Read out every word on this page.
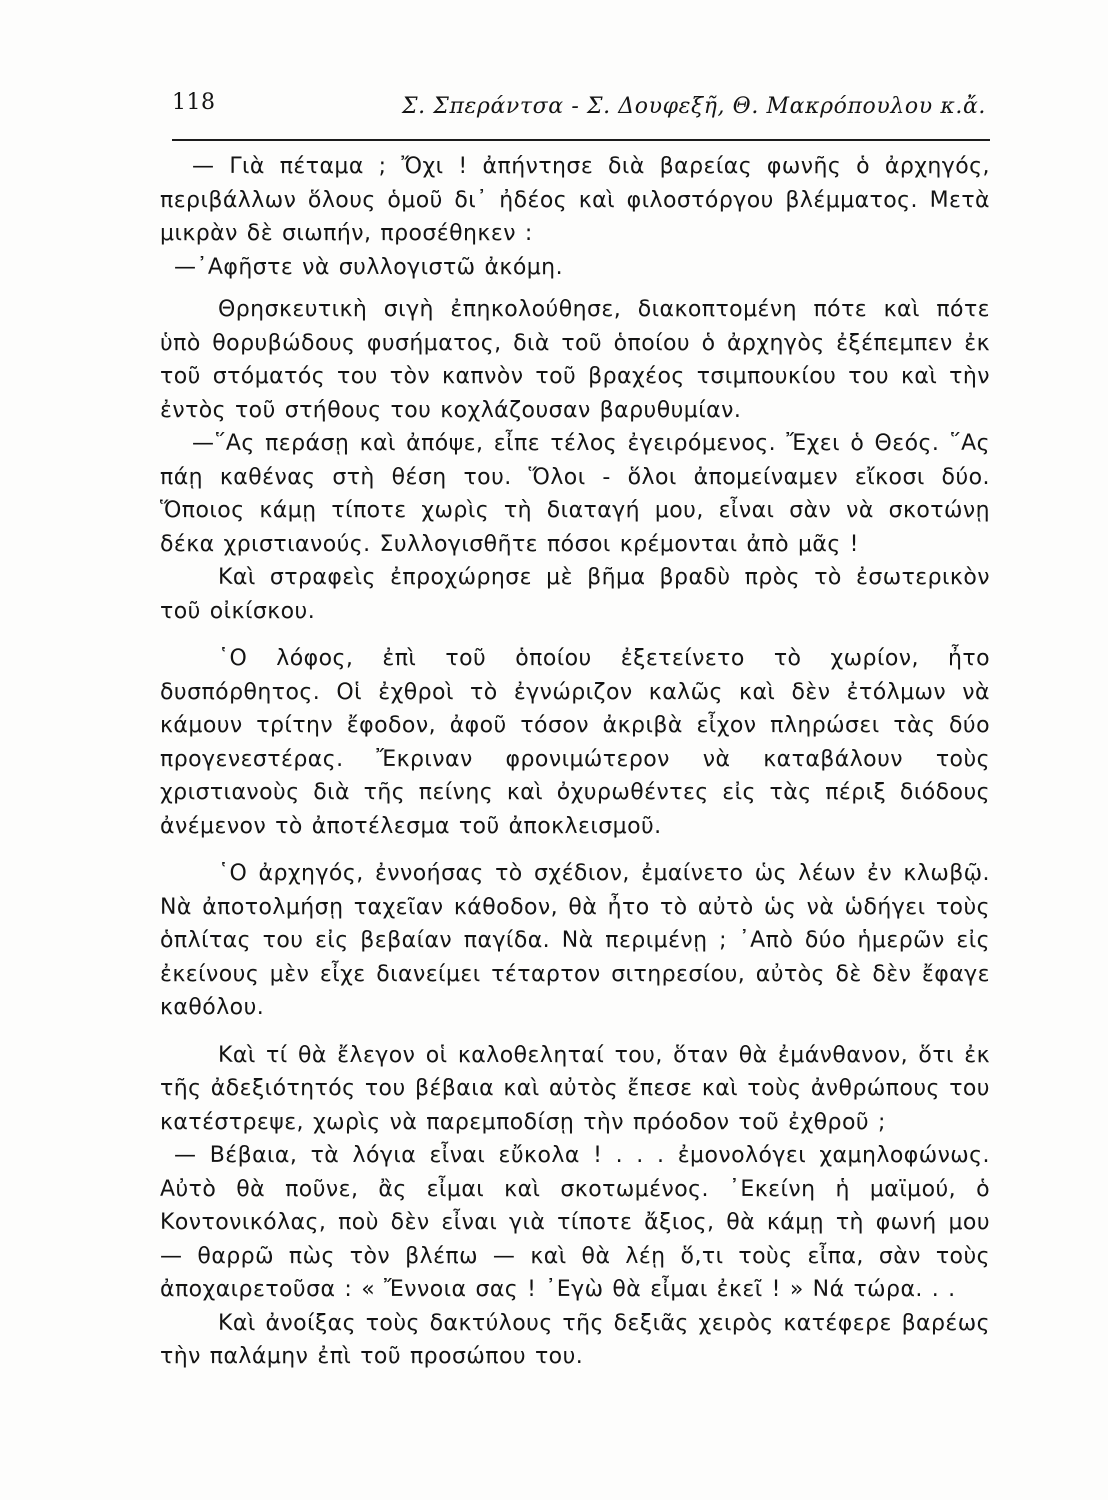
118	Σ. Σπεράντσα - Σ. Δουφεξῆ, Θ. Μακρόπουλου κ.ἄ.

— Γιὰ πέταμα ; Ὄχι ! ἀπήντησε διὰ βαρείας φωνῆς ὁ ἀρχηγός, περιβάλλων ὅλους ὁμοῦ δι᾽ ἠδέος καὶ φιλοστόργου βλέμματος. Μετὰ μικρὰν δὲ σιωπήν, προσέθηκεν :

—᾽Αφῆστε νὰ συλλογιστῶ ἀκόμη.

Θρησκευτικὴ σιγὴ ἐπηκολούθησε, διακοπτομένη πότε καὶ πότε ὑπὸ θορυβώδους φυσήματος, διὰ τοῦ ὁποίου ὁ ἀρχηγὸς ἐξέπεμπεν ἐκ τοῦ στόματός του τὸν καπνὸν τοῦ βραχέος τσιμπουκίου του καὶ τὴν ἐντὸς τοῦ στήθους του κοχλάζουσαν βαρυθυμίαν.

—῞Ας περάσῃ καὶ ἀπόψε, εἶπε τέλος ἐγειρόμενος. Ἔχει ὁ Θεός. ῞Ας πάῃ καθένας στὴ θέση του. Ὅλοι - ὅλοι ἀπομείναμεν εἴκοσι δύο. Ὅποιος κάμῃ τίποτε χωρὶς τὴ διαταγή μου, εἶναι σὰν νὰ σκοτώνῃ δέκα χριστιανούς. Συλλογισθῆτε πόσοι κρέμονται ἀπὸ μᾶς !

Καὶ στραφεὶς ἐπροχώρησε μὲ βῆμα βραδὺ πρὸς τὸ ἐσωτερικὸν τοῦ οἰκίσκου.

῾Ο λόφος, ἐπὶ τοῦ ὁποίου ἐξετείνετο τὸ χωρίον, ἦτο δυσπόρθητος. Οἱ ἐχθροὶ τὸ ἐγνώριζον καλῶς καὶ δὲν ἐτόλμων νὰ κάμουν τρίτην ἔφοδον, ἀφοῦ τόσον ἀκριβὰ εἶχον πληρώσει τὰς δύο προγενεστέρας. Ἔκριναν φρονιμώτερον νὰ καταβάλουν τοὺς χριστιανοὺς διὰ τῆς πείνης καὶ ὀχυρωθέντες εἰς τὰς πέριξ διόδους ἀνέμενον τὸ ἀποτέλεσμα τοῦ ἀποκλεισμοῦ.

῾Ο ἀρχηγός, ἐννοήσας τὸ σχέδιον, ἐμαίνετο ὡς λέων ἐν κλωβῷ. Νὰ ἀποτολμήσῃ ταχεῖαν κάθοδον, θὰ ἦτο τὸ αὐτὸ ὡς νὰ ὡδήγει τοὺς ὁπλίτας του εἰς βεβαίαν παγίδα. Νὰ περιμένῃ ; ᾽Απὸ δύο ἡμερῶν εἰς ἐκείνους μὲν εἶχε διανείμει τέταρτον σιτηρεσίου, αὐτὸς δὲ δὲν ἔφαγε καθόλου.

Καὶ τί θὰ ἔλεγον οἱ καλοθεληταί του, ὅταν θὰ ἐμάνθανον, ὅτι ἐκ τῆς ἀδεξιότητός του βέβαια καὶ αὐτὸς ἔπεσε καὶ τοὺς ἀνθρώπους του κατέστρεψε, χωρὶς νὰ παρεμποδίσῃ τὴν πρόοδον τοῦ ἐχθροῦ ;

— Βέβαια, τὰ λόγια εἶναι εὔκολα ! . . . ἐμονολόγει χαμηλοφώνως. Αὐτὸ θὰ ποῦνε, ἂς εἶμαι καὶ σκοτωμένος. ᾽Εκείνη ἡ μαϊμού, ὁ Κοντονικόλας, ποὺ δὲν εἶναι γιὰ τίποτε ἄξιος, θὰ κάμῃ τὴ φωνή μου — θαρρῶ πὼς τὸν βλέπω — καὶ θὰ λέῃ ὅ,τι τοὺς εἶπα, σὰν τοὺς ἀποχαιρετοῦσα : « Ἔννοια σας ! ᾽Εγὼ θὰ εἶμαι ἐκεῖ ! » Νά τώρα. . .

Καὶ ἀνοίξας τοὺς δακτύλους τῆς δεξιᾶς χειρὸς κατέφερε βαρέως τὴν παλάμην ἐπὶ τοῦ προσώπου του.
